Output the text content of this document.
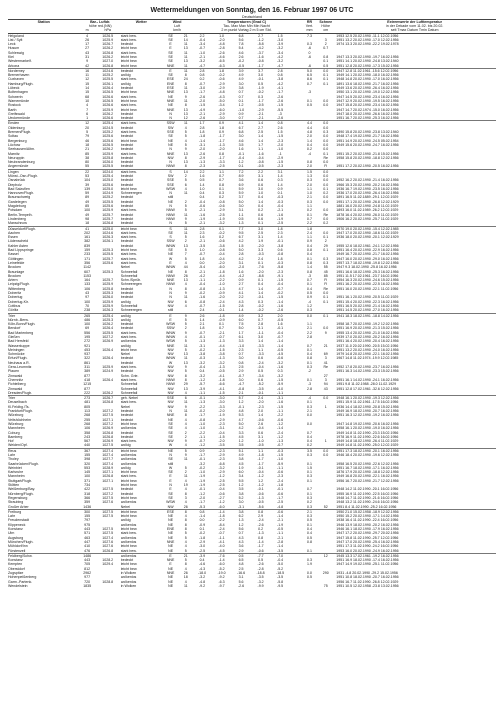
Wettermeldungen von Sonntag, den 16. Februar 1997 06 UTC
Deutschland
Station	Bar.- Luftdr.		Wetter	Wind		Temperaturen (Grad C)						RR	Schnee	Extremwerte der Lufttemperatur
	höhe red.(NN)			Luft		Tau- Max Max Min Min Nacht						Vert.	Höhe	in der Dekade vom 11.02. bis 20.02.
	m	hPa		km/h		2 m punkt Vortag 2 m 5 cm Std.						mm	cm	seit Tmax Datum Tmin Datum
Helgoland	4	1026.5	stark bew.	SE	21	2.2	1.0	6.8	2.7	1.5		7.3		1953 12.5 20.02.1990 -11.1 12.02.1956
List / Sylt	26	1025.9	stark bew.	SE	14	-0.4	-2.0	5.6	-1.2	-3.0			3	1951 13.2 20.02.1990 -17.0 12.02.1956
Leck	17	1026.7	bedeckt	E	11	-3.4	-4.8	7.8	-5.8	-3.9		0.3	2	1974 13.3 20.02.1990 -22.2 19.02.1978
Husum	27	1026.2	leicht bew.	E	13	-0.7	-2.8	5.4	-4.2	-3.2		-6	0.7	
Schleswig	43	1026.8	stark bew.	SE	11	-1.0	-2.6	4.6	-3.7	-3.4		0		
Kiel	31	1026.2	leicht bew.	SE	11	-2.1	-4.6	2.6	-1.6	-4.2		-6	0.8	1947 13.3 20.02.1990 -19.7 16.02.1956
Westermarkelf.	9	1027.0	leicht bew.	SE	13	-3.2	-6.5	-0.2	-0.8	-3.2			0.1	1951 14.1 20.02.1990 -24.8 13.02.1940
Arkona	42	1026.8	leicht bew.	NNE	11	-4.7	-6.3	-0.5	-1.7	-4.7		-6	0.5	1951 12.8 20.02.1990 -17.3 15.02.1956
Norderney	16	1024.6	bedeckt	E	11	2.8	1.8	3.9	3.7	2.8		5.0	0.0	1947 12.8 11.02.1961 -15.6 12.02.1956
Bremerhaven	11	1025.2	wolkig	SE	8	0.8	-0.2	4.9	3.0	0.8		6.5	0.1	1949 14.1 20.02.1990 -18.0 16.02.1956
Cuxhaven	12	1025.5	stark bew.	ESE	24	0.2	-0.6	4.9	-0.1	-3.8		8.6	0.1	1948 14.8 20.02.1990 -17.0 16.02.1956
Hamburg/Flugh.	15	1026.1	wolkig	ENE	8	-0.7	-2.9	3.0	0.5	-4.2		0.7	0.1	1891 13.6 18.02.1990 -21.7 16.02.1956
Lübeck	14	1026.4	bedeckt	ESE	11	-3.0	-2.9	3.8	-1.9	-4.1				1949 13.6 20.02.1990 -26.4 16.02.1956
Boltenhagen	15	1026.5	leicht bew.	NNE	13	-1.7	-4.8	0.7	-0.2	-1.7		-3		1950 13.1 20.02.1990 -19.0 12.02.1956
Schwerin	68	1026.6	stark bew.	NE	9	-2.6	-4.3	0.7	0.3	-2.6				1947 14.5 20.02.1990 -23.4 16.02.1956
Warnemünde	10	1026.5	leicht bew.	NNE	11	-2.0	-5.0	0.1	-1.7	-2.6		0.1	0.0	1947 12.9 20.02.1990 -19.5 16.02.1956
Rostock	4	1026.6	stark bew.	NE	8	-1.5	-3.4	1.2	-0.5	-1.5		0.5	0.0	1947 15.8 20.02.1990 -23.4 16.02.1956
Barth	7	1025.9	leicht bew.	NNE	13	-4.9	-6.0	-1.0	-2.9	-5.5				1947 14.7 20.02.1974 -15.0 16.02.1956
Greifswald	6	1026.2	bedeckt	N	13	-2.1	-2.9	0.9	-2.1	-3				1947 18.0 20.02.1990 -26.6 16.02.1956
Ueckermünde	1	1026.6	bedeckt	N	12	-2.6	-3.0	0.7	-2.1	-2.6				1951 16.7 20.02.1990 -25.3 16.02.1956
Emden	12	1025.4	stark bew.	SSW	11	1.7	0.9	4.1	1.4	0.8		4.4	0.0	
Oldenburg	20	1024.5	bedeckt	SW	4	2.8	1.8	6.7	2.7	2.6		4.4	0.0	
Bremen/Flugh.	5	1025.2	stark bew.	SSE	5	1.8	0.9	6.8	2.5	1.5		4.8	0.3	1890 15.8 20.02.1990 -23.8 13.02.1940
Soltau	79	1025.6	bedeckt	SE	5	-1.8	-1.7	3.0	1.4	-1.5		2.0	0.0	1948 17.4 19.02.1990 -21.7 16.02.1956
Bergenburg	46	1025.6	leicht bew.	NE	4	-1.4	-1.7	4.6	1.4	-2.3		1.4	0.0	1951 14.9 20.02.1990 -24.5 05.02.1954
Lüchow	18	1026.5	bedeckt	NE	5	-3.1	-1.3	3.5	1.7	-2.0		0.4	0.0	1949 15.6 20.02.1990 -24.7 16.02.1956
Seehausen/Altm.	21	1026.2	bedeckt	N	9	-2.0	-2.0	1.6	1.1	-1.0		0.2	0.0	
Marnitz	85	1025.9	stark bew.	NNE	13	-2.6	0.8	-0.1	-1.6	-1		-4	0.1	1951 15.2 20.02.1990 -21.8 15.02.1956
Neuruppin	38	1025.8	bedeckt	NW	8	-2.9	-1.7	-0.4	-0.4	-2.9			Re	1958 15.8 20.02.1990 -18.8 12.02.1956
Neubrandenburg	80	1026.0	bedeckt	N	13	-1.3	-3.3	1.2	-0.8	-1.5		0.8	0.0	
Angermünde	55	1025.5	bedeckt	NNW	8	-2.3	-2.5	0.1	-0.5	-2.3		2.0	Fi	1951 17.2 20.02.1990 -20.5 16.02.1956
Lingen	22	1024.0	stark bew.	S	14	2.2	1.1	7.2	2.2	3.1		1.5	0.0	
Münst.-Osn./Flugh.	53	1025.4	bedeckt	SW	2	1.6	0.7	8.9	3.1	1.4		1.3	0.0	
Osnabrück	104	1025.0	bedeckt	SSE	5	0.5	0.7	3.6	0.6	0.3		0.3	0.0	1952 16.2 20.02.1990 -21.4 16.02.1956
Diepholz	39	1025.6	bedeckt	SSE	6	1.4	0.8	6.9	0.6	1.4		2.0	0.0	1966 15.3 20.02.1990 -20.2 16.02.1956
Bad Salzuflen	139	1025.0	leicht bew.	WSW	4	1.0	0.1	5.9	3.0	0.9		1.1	0.1	1936 16.7 19.02.1990 -23.5 16.02.1956
Hannover/Flugh.	59	1024.9	Schneeregen	N	11	0.4	0.3	5.9	1.0	0.1		1.0	0.2	1936 17.0 20.02.1990 -26.4 16.02.1956
Braunschweig	89	1025.2	bedeckt	still		0.4	0.2	3.7	0.4	-0.3		2.1	0.0	1891 16.5 11.02.1889 -29.1 12.02.1929
Gardelegen	49	1025.5	bedeckt	NE	2	-0.4	-0.8	5.0	1.4	-0.3		0.3	0.0	1951 17.1 20.02.1990 -26.8 12.02.1929
Magdeburg	85	1025.6	bedeckt	N	5	-0.6	-0.6	3.0	0.4	-0.4		1.1		1881 16.0 20.02.1990 -24.8 11.02.1929
Potsdam	100	1025.9	stark bew.	NNW	5	-2.1	-2.9	3.1	0.2	-2.1		0.2	0.0	1893 16.0 11.02.1989 -26.2 12.02.1929
Berlin-Tempelh.	49	1025.7	bedeckt	NNW	11	-1.6	-2.5	1.1	0.6	-1.6		0.1	Re	1878 16.4 20.02.1990 -26.0 11.02.1929
Lindenberg	98	1025.7	bedeckt	NNW	9	-1.9	-1.9	0.5	0.6	-1.9		0.7	0.0	1906 16.2 20.02.1990 -25.7 11.02.1929
Manschnow	18	1026.8	bedeckt	N	5	-2.1	-3.2	1.3	0.1	-2.5		2.2	0.2	
Düsseldorf/Flugh.	41	1025.0	leicht bew.	S	11	2.8	0.1	7.7	3.0	1.8		1.8		1970 19.0 20.02.1990 -15.4 12.02.1985
Aachen	202	1024.6	stark bew.	SE	11	2.3	-0.2	9.5	2.5	2.3		2.4	0.0	1947 17.0 20.02.1990 -18.6 11.02.1929
Essen	161	1026.3	stark bew.	S	5	1.6	0.2	6.7	3.1	1.4		1.1	0.1	1936 18.0 20.02.1990 -20.1 12.02.1929
Lüdenscheid	382	1026.1	bedeckt	SSW	2	-2.1	-0.6	4.2	1.9	-0.1		0.9	2	
Kahler Asten	839		bedeckt	WNW	13	-3.5	-3.8	1.5	-2.0	-3.8		0.4	29	1955 12.6 18.02.1961 -24.1 12.02.1956
Bad Lippspringe	159	1025.3	leicht bew.	SE	5	1.0	-0.8	5.0	3.3	0.6		0.8	0.1	1951 16.4 20.02.1990 -22.9 16.02.1956
Kassel	233	1025.5	stark bew.	NE	7	-0.7	-0.4	2.8	-0.3	-0.8		0.4		1949 16.7 20.02.1990 -21.7 16.02.1956
Göttingen	171	1025.7	stark bew.	W	5	1.8	-0.4	4.2	2.4	1.8		0.1	0.3	1947 16.0 20.02.1990 -29.0 16.02.1956
Leinefelde	356	1025.6	stark bew.	E	4	0.0	-2.0	3.1	0.1	-0.3		0.8	0.3	1957 13.7 18.02.1998 -19.8 12.02.1956
Brocken	1142		Nebel	WNW	44	-5.4	-6.0	-2.0	-7.6	-5.8		1.4	55	1947 9.3 18.02.1990 -25.8 16.02.1956
Braunlage	607	1025.3	Schneefall	NE	8	-2.1	-1.8	1.6	-2.0	-2.3		0.8	45	1951 16.6 18.02.1990 -25.3 16.02.1956
Brocken	1153		Schneefall	NNW	26	-4.2	-4.4	-4.2	-8.8	-9.1		-3	85	1951 11.5 17.02.1961 -23.7 16.02.1956
Artern	164	1025.7	Schn./Sprüh.	NNE	13	-1.1	-2.2	0.9	0.1	-1.5		0.7	Fi	1954 16.3 20.02.1990 -24.6 15.02.1956
Leipzig/Flugh.	133	1025.9	Schneeregen	NNW	4	-0.4	-1.0	2.7	0.4	-0.4		0.1	Fi	1951 16.2 20.02.1990 -22.5 16.02.1956
Wittenberg	106	1025.8	bedeckt	N	8	-0.8	-1.3	4.7	1.4	-0.7		0.4	Re	1951 16.0 20.02.1990 -22.1 11.02.1956
Doberitz	43	1025.3	bedeckt	N	9	-0.2	-0.9	4.1	1.4	-0.2		0.5	0.0	
Doberlug	97	1026.0	bedeckt	N	11	-1.6	-2.0	2.2	-0.1	-1.5		0.9	0.1	1951 16.1 20.02.1990 -20.5 11.02.1929
Doberlug-Kir.	100	1025.9	wolkig	NW	6	-0.8	-2.4	4.3	0.3	-1.4		-4	0.1	1951 15.4 20.02.1990 -22.3 16.02.1956
Cottbus	70	1025.9	Schneefall	NW	4	-0.7	-1.5	2.8	-0.2	-1.6		1.2		1951 16.5 20.02.1990 -21.4 16.02.1956
Görlitz	238	1026.3	Schneeregen	still		2.4	-0.1	1.4	-0.2	-2.6		0.3		1951 14.5 20.02.1990 -27.0 16.02.1956
Trier	265	1025.4	wolkig	E	9	2.6	-1.8	4.9	3.2	2.0		0.0	0.1	1941 18.3 18.02.1991 -18.8 14.02.1956
Nürnb.-Berw.	486	1025.3	wolkig	E	5	1.4	-0.9	6.0	0.7	-0.5				
Köln-Bonn/Flugh.	100	1026.2	bedeckt	WSW	5	2.1	0.1	7.5	2.8	1.6		1.1		1958 18.7 20.02.1990 -19.2 12.02.1956
Bendorf	69	1026.4	bedeckt	SSW	2	1.8	0.7	5.0	3.1	-0.1		2.1	0.0	1951 16.9 20.02.1990 -21.3 15.02.1956
Bad Marienberg	556	1025.5	stark bew.	WNW	9	-0.7	-2.1	1.7	-1.1	-0.4		2.2	9	1955 13.4 20.02.1990 -21.0 16.02.1956
Gießen	195	1027.2	stark bew.	WNW	4	-0.1	-0.7	6.1	3.0	-0.7		2.8		1939 17.0 20.02.1990 -20.2 16.02.1956
Bad Hersfeld	272	1026.9	wolkenlos	WSW	5	-1.3	-1.3	3.3	1.4	-1.4				1951 16.4 20.02.1990 -20.4 16.02.1956
Wasserkuppe	921		wolkig	NNE	11	-3.1	-4.4	-1.0	-3.3	-1.4		0.7	21	1937 11.0 20.02.1990 -20.5 15.02.1956
Meiningen	453	1026.4	leicht bew.	NW	5	-0.2	-1.5	2.3	1.1	-0.5		0.1		1951 13.2 20.02.1990 -24.0 16.02.1956
Schmücke	937		Nebel	NW	13	-3.8	-3.8	0.7	-3.3	-4.5		0.4	69	1979 14.8 20.02.1990 -22.1 16.02.1956
Erfurt/Flugh.	322	1026.4	bedeckt	WNW	11	-0.3	-1.3	3.0	0.6	-0.6		0.8	3	1967 14.8 11.02.1974 -19.9 12.02.1985
Neuhaus a.R.	861		bedeckt	W	13	-3.2	-3.2	0.8	-2.4	-3.2		0.1	41	
Gera-Leumnitz	311	1025.9	stark bew.	NW	9	-0.4	-1.3	2.5	-0.4	-1.6		0.3	Re	1952 17.8 20.02.1990 -23.7 16.02.1956
Plauen	389	1024.9	bedeckt	NW	5	0.4	-0.5	2.9	0.5	0.3		-2		1951 16.3 14.02.1990 -23.3 15.02.1956
Zinnwald	877		Schn. Grie.	NW	8	-3.2	-4.1	-0.7	-3.4	-3.2			27	
Chemnitz	418	1026.4	stark bew.	NNW	8	-1.2	-1.8	3.0	0.6	-1.5		0.1	3	1951 16.1 14.02.1990 -24.1 16.02.1956
Fichtelberg	1215		Schneefall	NNW	29	-5.7	-6.6	-4.7	-5.2	-5.9		-3	94	1951 9.8 11.02.1988 -28.0 11.02.1929
Zinnwald	877		Schneefall	NW	13	-3.9	-4.1	-0.8	-3.5	-4.0		2.8	43	1951 12.8 17.02.1961 -32.6 12.02.1956
Dresden/Flugh.	222	1026.2	Schneefall	NW	4	-1.1	-1.5	2.1	-0.1	-1.1				
Trier	273	1026.7	geh. Nebel	SSE	6	-0.1	-3.0	5.7	2.4	-3.1		-4	0.0	1948 16.1 20.02.1990 -19.3 12.02.1956
Deuselbach	481	1026.8	stark bew.	NW	11	-1.3	-3.0	1.2	-2.0	-1.6		0.1		1951 15.9 11.02.1961 -17.5 16.02.1956
Kl.Feldbg./Ts.	805		Nebel	NW	9	-2.2	-3.3	-0.1	-2.3	-1.5		0.3	1	1936 14.4 18.02.1990 -20.8 15.02.1956
Frankfurt/Flugh.	113	1027.2	bedeckt	N	11	-0.2	-2.0	4.8	2.0	-1.1		2.1		1949 16.9 18.02.1990 -20.7 16.02.1956
Würzburg	268	1027.5	bedeckt	NNE	8	-1.7	-1.9	5.3	1.4	-2.2		0.0		1951 16.3 12.02.1990 -19.2 16.02.1956
Veitshöchheim	255	1027.1	bedeckt	NE	4	-0.8	-2.9	4.7	-0.6	-0.6				
Würzburg	268	1027.2	leicht bew.	SE	4	-1.0	-2.3	5.0	2.6	-1.2		0.0		1947 14.8 19.02.1990 -20.6 16.02.1956
Mannheim	106	1026.9	wolkenlos	SE	4	-1.0	-3.1	4.2	-0.4	-1.4				1958 16.1 20.02.1990 -19.0 16.02.1956
Coburg	358	1026.8	bedeckt	SE	2	-2.2	-0.4	3.3	0.6	-2.4		0.7		1949 14.8 11.02.1990 -23.3 15.02.1956
Bamberg	243	1026.8	bedeckt	SE	2	-1.1	-1.5	4.5	3.1	-1.2		0.4		1978 16.9 11.02.1990 -22.6 16.02.1956
Hof	567	1026.9	stark bew.	NW	9	-0.7	-2.0	1.2	-1.0	-1.3		0.4	1	1949 14.8 18.02.1990 -26.4 11.02.1929
Weiden/Opf.	440	1027.5	wolkig	W	4	-1.2	-3.5	3.5	-0.5	-0.7		0.2		1949 14.8 11.02.1990 -25.0 12.02.1929
Reus	367	1027.4	leicht bew.	NE	5	0.9	-2.3	5.1	1.1	-0.3		3.5	0.0	1951 17.3 18.02.1990 -20.1 16.02.1956
Lahr	155	1027.4	wolkenlos	N	9	-1.7	-2.9	4.9	-1.8	-1.5		0.3	0.0	1946 18.4 20.02.1990 -19.6 12.02.1956
Tholey	398	1027.7	wolkenlos	SE	11	-0.1	-2.3	3.8	-1.7	-1.0				
Saarbrücken/Flugh.	320	1027.4	wolkenlos	still		-3.2	-6.8	4.5	-1.7	-5.9		0.1		1958 16.5 20.02.1990 -22.6 12.02.1956
Weinbiet	553	1028.9	wolkig	W	5	-0.2	-3.2	1.9	-0.1	-1.1		1.5		1951 16.7 18.02.1990 -17.1 16.02.1956
Karlsruhe	145	1027.1	leicht bew.	SE	2	-1.0	-2.9	6.0	-0.4	-0.6		0.1		1876 17.9 20.02.1990 -18.8 12.02.1956
Mannheim	100	1026.8	stark bew.	E	11	-1.9	-1.2	3.4	-1.2	-2.3		0.3		1949 16.8 20.02.1990 -22.1 16.02.1956
Stuttgart/Flugh.	371	1027.1	leicht bew.	E	4	-1.9	-2.5	5.5	1.2	-2.4		0.1		1956 16.7 20.02.1990 -21.7 12.02.1956
Stötten	734		leicht bew.	N	19	-1.9	-2.5	1.2	-1.2	-1.8				
Weißenburg/Bay.	422	1027.5	bedeckt	E	4	-0.1	-0.4	3.5	-0.1	-0.1		0.7		1948 14.2 11.02.1990 -20.1 16.02.1956
Nürnberg/Flugh.	318	1027.2	bedeckt	SE	8	-1.2	-0.6	3.8	-0.6	-0.6		0.1		1955 16.9 11.02.1990 -22.5 16.02.1956
Regensburg	366	1027.5	leicht bew.	SE	3	-2.0	-2.7	5.2	-1.3	-1.7		0.3		1948 14.7 11.02.1990 -21.6 16.02.1956
Straubing	359	1027.6	wolkenlos	WSW	4	-1.7	-1.2	3.0	-0.5	-2.5		0.2		1948 13.2 11.02.1990 -24.6 16.02.1956
Großer Arber	1436		Nebel	NW	26	-5.3	-6.0	-3.1	-5.6	-4.8		0.3	52	1951 8.4 11.02.1990 -25.2 16.02.1956
Freiburg	300	1027.5	leicht bew.	ESE	8	0.8	-1.4	3.8	0.8	-0.6		2.1		1950 21.0 15.02.1958 -18.9 12.02.1956
Lahr	155	1027.5	leicht bew.	NE	4	-1.4	-1.8	6.2	2.9	-1.4		0.3		1950 15.2 20.02.1990 -17.1 14.02.1956
Freudenstadt	797		wolkig	NE	8	0.0	-2.2	1.3	-2.4	-2.1		0.5		1938 16.4 11.02.1990 -22.4 16.02.1956
Klippeneck	975		wolkenlos	NE	8	-0.9	-8.4	1.2	-2.6	-1.9		0.1		1946 13.9 18.02.1990 -20.2 16.02.1956
Konstanz	443	1027.5	leicht bew.	ENE	8	0.1	-2.4	5.6	0.2	-0.5		0.4		1946 16.1 18.02.1990 -17.9 16.02.1956
Ulm	571	1027.5	stark bew.	NE	5	-0.2	-0.7	0.7	-1.3	-1.1		0.4		1947 17.2 20.02.1990 -29.7 20.02.1956
Augsburg	463	1027.4	wolkenlos	NE	5	-1.8	-1.1	4.3	0.8	-2.1		0.5		1947 15.8 11.02.1990 -25.7 12.02.1956
München/Flugh.	447	1027.6	wolkenlos	NNE	4	-2.9	-4.1	4.3	-1.4	-2.8		0.8		1947 17.0 20.02.1990 -25.4 16.02.1956
Mühldorf/Inn	410	1027.6	leicht bew.	NE	4	-3.0	-4.0	3.6	-1.7	-1.4				1951 17.3 11.02.1990 -24.2 16.02.1956
Fürstenzell	476	1026.8	stark bew.	NE	5	-2.5	-4.5	2.9	-0.6	-3.5		0.1		1953 16.0 20.02.1990 -24.9 16.02.1956
Feldberg/Schw.	1486		wolkenlos	E	21	-3.9	-7.6	0.5	-7.7	-7.0			12	1945 13.3 17.02.1961 -19.2 16.02.1956
Konstanz	443	1028.2	bedeckt	NNE	5	0.4	-1.4	6.5	0.5	-0.4		0.3		1951 16.9 18.02.1990 -17.4 16.02.1956
Kempten	705	1029.4	leicht bew.	E	8	-4.6	-6.0	4.8	-2.6	-5.0		1.9		1947 14.9 19.02.1990 -25.1 11.02.1956
Oberstdorf	812		leicht bew.	NE	4	-4.3	-5.2	2.5	-2.8	-5.2				
Zugspitze	2962		in Wolken	NNE	26	-18.0	-19.0	-16.6	-18.8	-18.5		0.0	290	1931 -4.8 20.02.1990 -29.2 15.02.1956
Hohenpeißenberg	977		wolkenlos	NE	18	-3.2	-9.2	3.1	-3.5	-3.5		0.5		1951 10.8 18.02.1990 -20.7 16.02.1956
Garm.-Partenk.	720	1028.8	wolkenlos	NE	4	-4.8	-6.3	5.6	-3.2	-5.8				1956 16.7 11.02.1990 -26.8 12.02.1929
Wendelstein	1835		in Wolken	NE	11	-9.2	-9.7	-2.6	-9.9	-9.5			75	1951 10.5 12.02.1958 -23.8 13.02.1956
